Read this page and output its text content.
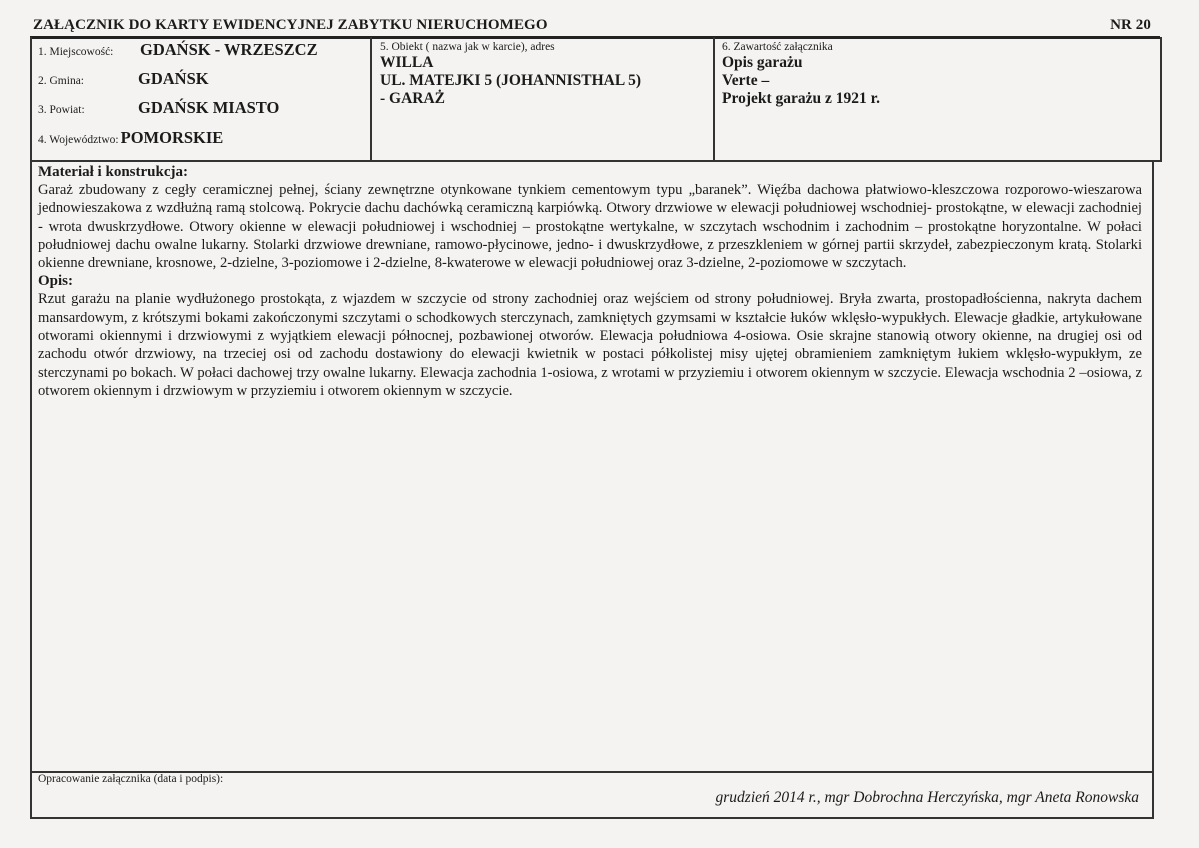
ZAŁĄCZNIK DO KARTY EWIDENCYJNEJ ZABYTKU NIERUCHOMEGO	NR 20
1. Miejscowość:	GDAŃSK - WRZESZCZ
2. Gmina:	GDAŃSK
3. Powiat:	GDAŃSK MIASTO
4. Województwo: POMORSKIE
5. Obiekt ( nazwa jak w karcie), adres
WILLA
UL. MATEJKI 5 (JOHANNISTHAL 5)
- GARAŻ
6. Zawartość załącznika
Opis garażu
Verte –
Projekt garażu z 1921 r.
Materiał i konstrukcja:

Garaż zbudowany z cegły ceramicznej pełnej, ściany zewnętrzne otynkowane tynkiem cementowym typu „baranek”. Więźba dachowa płatwiowo-kleszczowa rozporowo-wieszarowa jednowieszakowa z wzdłużną ramą stolcową. Pokrycie dachu dachówką ceramiczną karpiówką. Otwory drzwiowe w elewacji południowej wschodniej- prostokątne, w elewacji zachodniej - wrota dwuskrzydłowe. Otwory okienne w elewacji południowej i wschodniej – prostokątne wertykalne, w szczytach wschodnim i zachodnim – prostokątne horyzontalne. W połaci południowej dachu owalne lukarny. Stolarki drzwiowe drewniane, ramowo-płycinowe, jedno- i dwuskrzydłowe, z przeszkleniem w górnej partii skrzydeł, zabezpieczonym kratą. Stolarki okienne drewniane, krosnowe, 2-dzielne, 3-poziomowe i 2-dzielne, 8-kwaterowe w elewacji południowej oraz 3-dzielne, 2-poziomowe w szczytach.

Opis:

Rzut garażu na planie wydłużonego prostokąta, z wjazdem w szczycie od strony zachodniej oraz wejściem od strony południowej. Bryła zwarta, prostopadłościenna, nakryta dachem mansardowym, z krótszymi bokami zakończonymi szczytami o schodkowych sterczynach, zamkniętych gzymsami w kształcie łuków wklęsło-wypukłych. Elewacje gładkie, artykułowane otworami okiennymi i drzwiowymi z wyjątkiem elewacji północnej, pozbawionej otworów. Elewacja południowa 4-osiowa. Osie skrajne stanowią otwory okienne, na drugiej osi od zachodu otwór drzwiowy, na trzeciej osi od zachodu dostawiony do elewacji kwietnik w postaci półkolistej misy ujętej obramieniem zamkniętym łukiem wklęsło-wypukłym, ze sterczynami po bokach. W połaci dachowej trzy owalne lukarny. Elewacja zachodnia 1-osiowa, z wrotami w przyziemiu i otworem okiennym w szczycie. Elewacja wschodnia 2 –osiowa, z otworem okiennym i drzwiowym w przyziemiu i otworem okiennym w szczycie.

Opracowanie załącznika (data i podpis):
grudzień 2014 r., mgr Dobrochna Herczyńska, mgr Aneta Ronowska
